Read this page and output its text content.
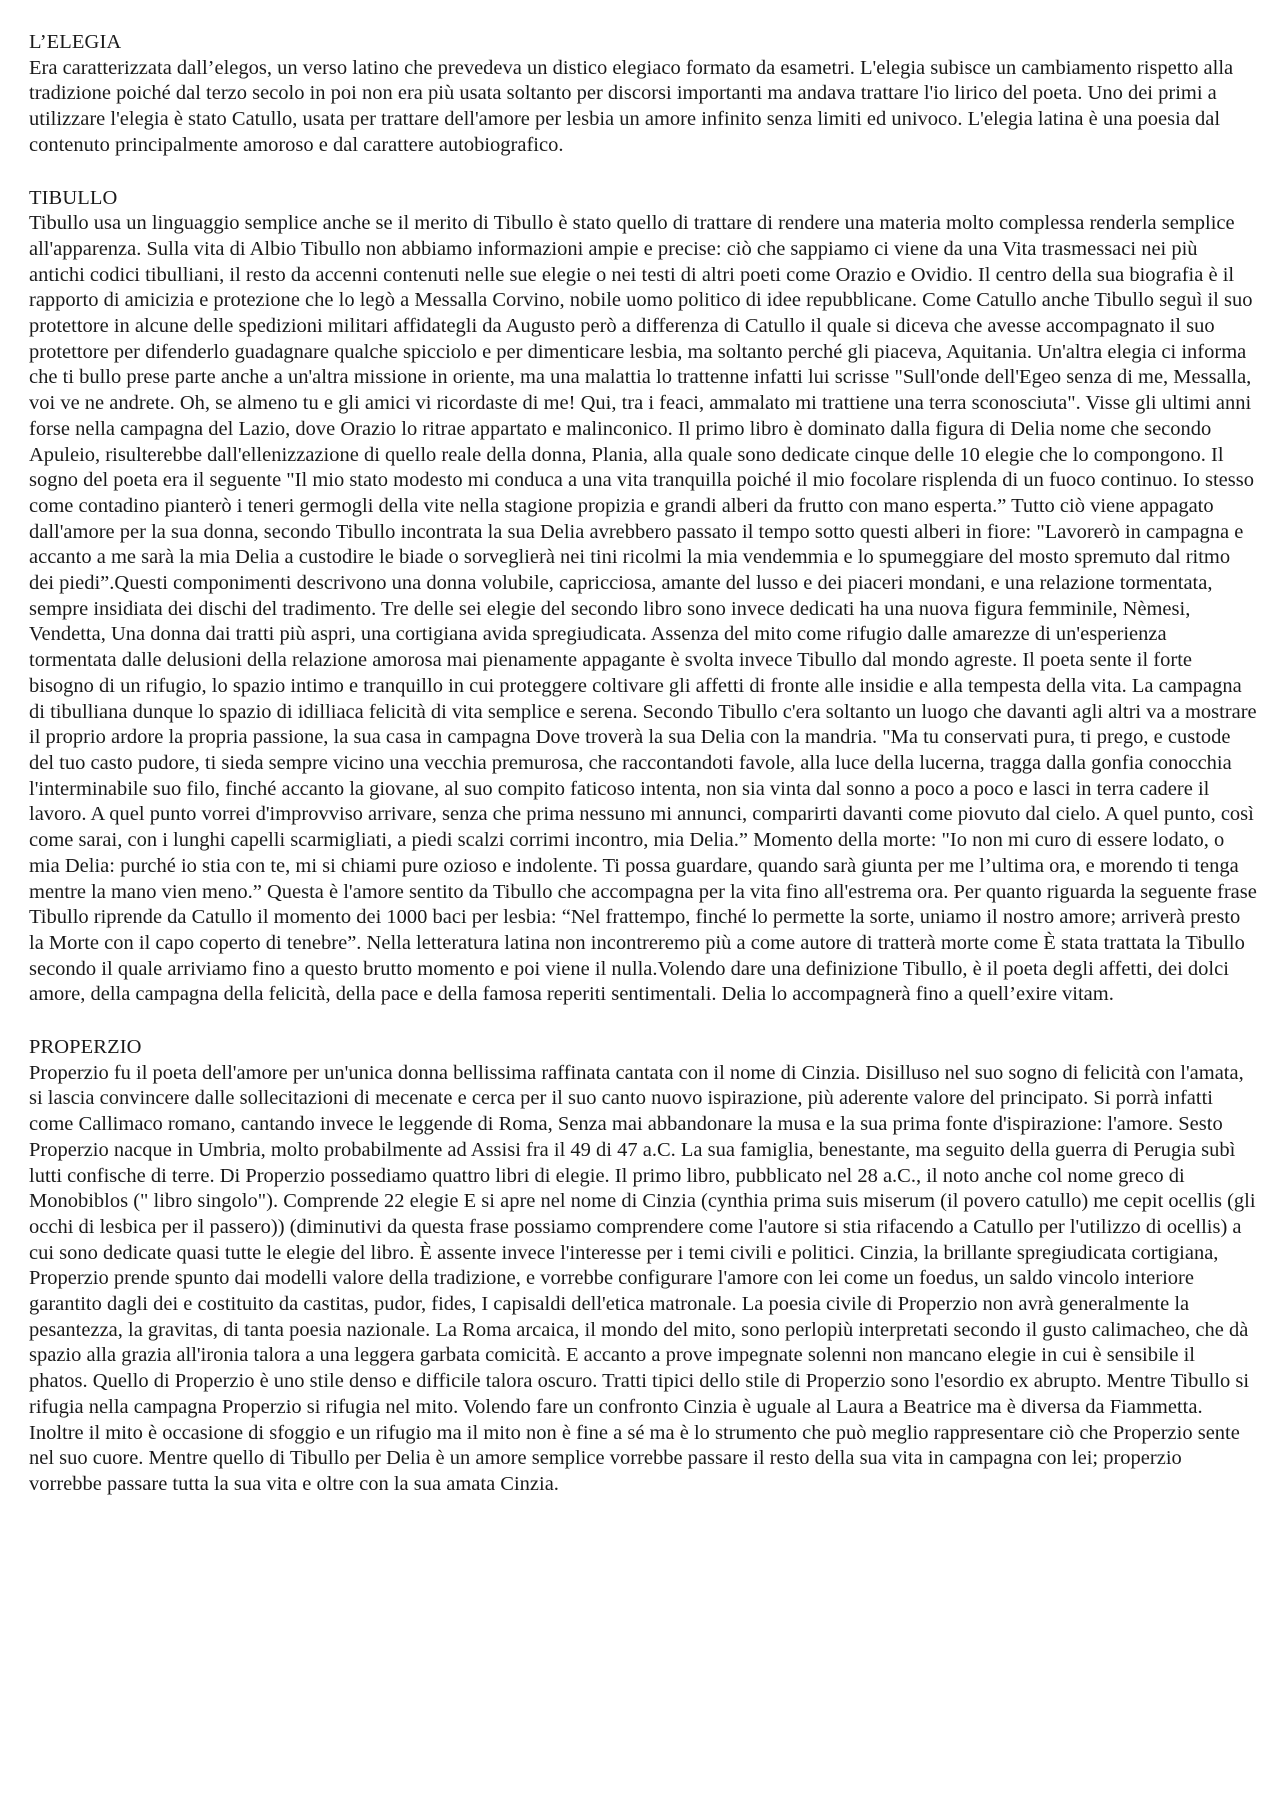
L’ELEGIA

Era caratterizzata dall’elegos, un verso latino che prevedeva un distico elegiaco formato da esametri. L'elegia subisce un cambiamento rispetto alla tradizione poiché dal terzo secolo in poi non era più usata soltanto per discorsi importanti ma andava trattare l'io lirico del poeta. Uno dei primi a utilizzare l'elegia è stato Catullo, usata per trattare dell'amore per lesbia un amore infinito senza limiti ed univoco. L'elegia latina è una poesia dal contenuto principalmente amoroso e dal carattere autobiografico.

TIBULLO

Tibullo usa un linguaggio semplice anche se il merito di Tibullo è stato quello di trattare di rendere una materia molto complessa renderla semplice all'apparenza. Sulla vita di Albio Tibullo non abbiamo informazioni ampie e precise: ciò che sappiamo ci viene da una Vita trasmessaci nei più antichi codici tibulliani, il resto da accenni contenuti nelle sue elegie o nei testi di altri poeti come Orazio e Ovidio. Il centro della sua biografia è il rapporto di amicizia e protezione che lo legò a Messalla Corvino, nobile uomo politico di idee repubblicane. Come Catullo anche Tibullo seguì il suo protettore in alcune delle spedizioni militari affidategli da Augusto però a differenza di Catullo il quale si diceva che avesse accompagnato il suo protettore per difenderlo guadagnare qualche spicciolo e per dimenticare lesbia, ma soltanto perché gli piaceva, Aquitania. Un'altra elegia ci informa che ti bullo prese parte anche a un'altra missione in oriente, ma una malattia lo trattenne infatti lui scrisse "Sull'onde dell'Egeo senza di me, Messalla, voi ve ne andrete. Oh, se almeno tu e gli amici vi ricordaste di me! Qui, tra i feaci, ammalato mi trattiene una terra sconosciuta". Visse gli ultimi anni forse nella campagna del Lazio, dove Orazio lo ritrae appartato e malinconico. Il primo libro è dominato dalla figura di Delia nome che secondo Apuleio, risulterebbe dall'ellenizzazione di quello reale della donna, Plania, alla quale sono dedicate cinque delle 10 elegie che lo compongono. Il sogno del poeta era il seguente "Il mio stato modesto mi conduca a una vita tranquilla poiché il mio focolare risplenda di un fuoco continuo. Io stesso come contadino pianterò i teneri germogli della vite nella stagione propizia e grandi alberi da frutto con mano esperta.” Tutto ciò viene appagato dall'amore per la sua donna, secondo Tibullo incontrata la sua Delia avrebbero passato il tempo sotto questi alberi in fiore: "Lavorerò in campagna e accanto a me sarà la mia Delia a custodire le biade o sorveglierà nei tini ricolmi la mia vendemmia e lo spumeggiare del mosto spremuto dal ritmo dei piedi”.Questi componimenti descrivono una donna volubile, capricciosa, amante del lusso e dei piaceri mondani, e una relazione tormentata, sempre insidiata dei dischi del tradimento. Tre delle sei elegie del secondo libro sono invece dedicati ha una nuova figura femminile, Nèmesi, Vendetta, Una donna dai tratti più aspri, una cortigiana avida spregiudicata. Assenza del mito come rifugio dalle amarezze di un'esperienza tormentata dalle delusioni della relazione amorosa mai pienamente appagante è svolta invece Tibullo dal mondo agreste. Il poeta sente il forte bisogno di un rifugio, lo spazio intimo e tranquillo in cui proteggere coltivare gli affetti di fronte alle insidie e alla tempesta della vita. La campagna di tibulliana dunque lo spazio di idilliaca felicità di vita semplice e serena. Secondo Tibullo c'era soltanto un luogo che davanti agli altri va a mostrare il proprio ardore la propria passione, la sua casa in campagna Dove troverà la sua Delia con la mandria. "Ma tu conservati pura, ti prego, e custode del tuo casto pudore, ti sieda sempre vicino una vecchia premurosa, che raccontandoti favole, alla luce della lucerna, tragga dalla gonfia conocchia l'interminabile suo filo, finché accanto la giovane, al suo compito faticoso intenta, non sia vinta dal sonno a poco a poco e lasci in terra cadere il lavoro. A quel punto vorrei d'improvviso arrivare, senza che prima nessuno mi annunci, comparirti davanti come piovuto dal cielo. A quel punto, così come sarai, con i lunghi capelli scarmigliati, a piedi scalzi corrimi incontro, mia Delia.” Momento della morte: "Io non mi curo di essere lodato, o mia Delia: purché io stia con te, mi si chiami pure ozioso e indolente. Ti possa guardare, quando sarà giunta per me l’ultima ora, e morendo ti tenga mentre la mano vien meno.” Questa è l'amore sentito da Tibullo che accompagna per la vita fino all'estrema ora. Per quanto riguarda la seguente frase Tibullo riprende da Catullo il momento dei 1000 baci per lesbia: “Nel frattempo, finché lo permette la sorte, uniamo il nostro amore; arriverà presto la Morte con il capo coperto di tenebre”. Nella letteratura latina non incontreremo più a come autore di tratterà morte come È stata trattata la Tibullo secondo il quale arriviamo fino a questo brutto momento e poi viene il nulla.Volendo dare una definizione Tibullo, è il poeta degli affetti, dei dolci amore, della campagna della felicità, della pace e della famosa reperiti sentimentali. Delia lo accompagnerà fino a quell’exire vitam.

PROPERZIO

Properzio fu il poeta dell'amore per un'unica donna bellissima raffinata cantata con il nome di Cinzia. Disilluso nel suo sogno di felicità con l'amata, si lascia convincere dalle sollecitazioni di mecenate e cerca per il suo canto nuovo ispirazione, più aderente valore del principato. Si porrà infatti come Callimaco romano, cantando invece le leggende di Roma, Senza mai abbandonare la musa e la sua prima fonte d'ispirazione: l'amore. Sesto Properzio nacque in Umbria, molto probabilmente ad Assisi fra il 49 di 47 a.C. La sua famiglia, benestante, ma seguito della guerra di Perugia subì lutti confische di terre. Di Properzio possediamo quattro libri di elegie. Il primo libro, pubblicato nel 28 a.C., il noto anche col nome greco di Monobiblos (" libro singolo"). Comprende 22 elegie E si apre nel nome di Cinzia (cynthia prima suis miserum (il povero catullo) me cepit ocellis (gli occhi di lesbica per il passero)) (diminutivi da questa frase possiamo comprendere come l'autore si stia rifacendo a Catullo per l'utilizzo di ocellis) a cui sono dedicate quasi tutte le elegie del libro. È assente invece l'interesse per i temi civili e politici. Cinzia, la brillante spregiudicata cortigiana, Properzio prende spunto dai modelli valore della tradizione, e vorrebbe configurare l'amore con lei come un foedus, un saldo vincolo interiore garantito dagli dei e costituito da castitas, pudor, fides, I capisaldi dell'etica matronale. La poesia civile di Properzio non avrà generalmente la pesantezza, la gravitas, di tanta poesia nazionale. La Roma arcaica, il mondo del mito, sono perlopiù interpretati secondo il gusto calimacheo, che dà spazio alla grazia all'ironia talora a una leggera garbata comicità. E accanto a prove impegnate solenni non mancano elegie in cui è sensibile il phatos. Quello di Properzio è uno stile denso e difficile talora oscuro. Tratti tipici dello stile di Properzio sono l'esordio ex abrupto. Mentre Tibullo si rifugia nella campagna Properzio si rifugia nel mito. Volendo fare un confronto Cinzia è uguale al Laura a Beatrice ma è diversa da Fiammetta. Inoltre il mito è occasione di sfoggio e un rifugio ma il mito non è fine a sé ma è lo strumento che può meglio rappresentare ciò che Properzio sente nel suo cuore. Mentre quello di Tibullo per Delia è un amore semplice vorrebbe passare il resto della sua vita in campagna con lei; properzio vorrebbe passare tutta la sua vita e oltre con la sua amata Cinzia.
